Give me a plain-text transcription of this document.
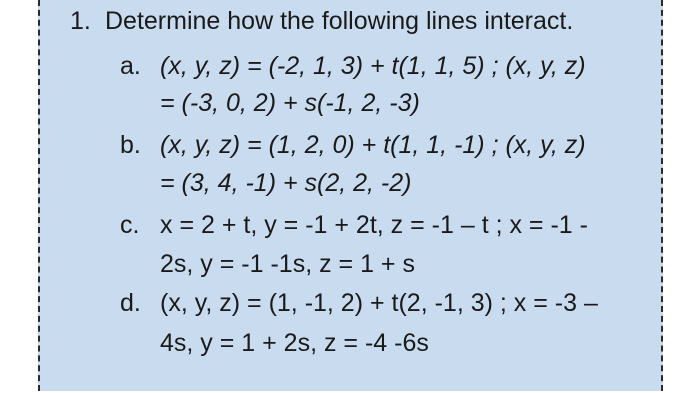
1. Determine how the following lines interact.
a. (x, y, z) = (-2, 1, 3) + t(1, 1, 5) ; (x, y, z)
= (-3, 0, 2) + s(-1, 2, -3)
b. (x, y, z) = (1, 2, 0) + t(1, 1, -1) ; (x, y, z)
= (3, 4, -1) + s(2, 2, -2)
c. x = 2 + t, y = -1 + 2t, z = -1 – t ; x = -1 -
2s, y = -1 -1s, z = 1 + s
d. (x, y, z) = (1, -1, 2) + t(2, -1, 3) ; x = -3 –
4s, y = 1 + 2s, z = -4 -6s
